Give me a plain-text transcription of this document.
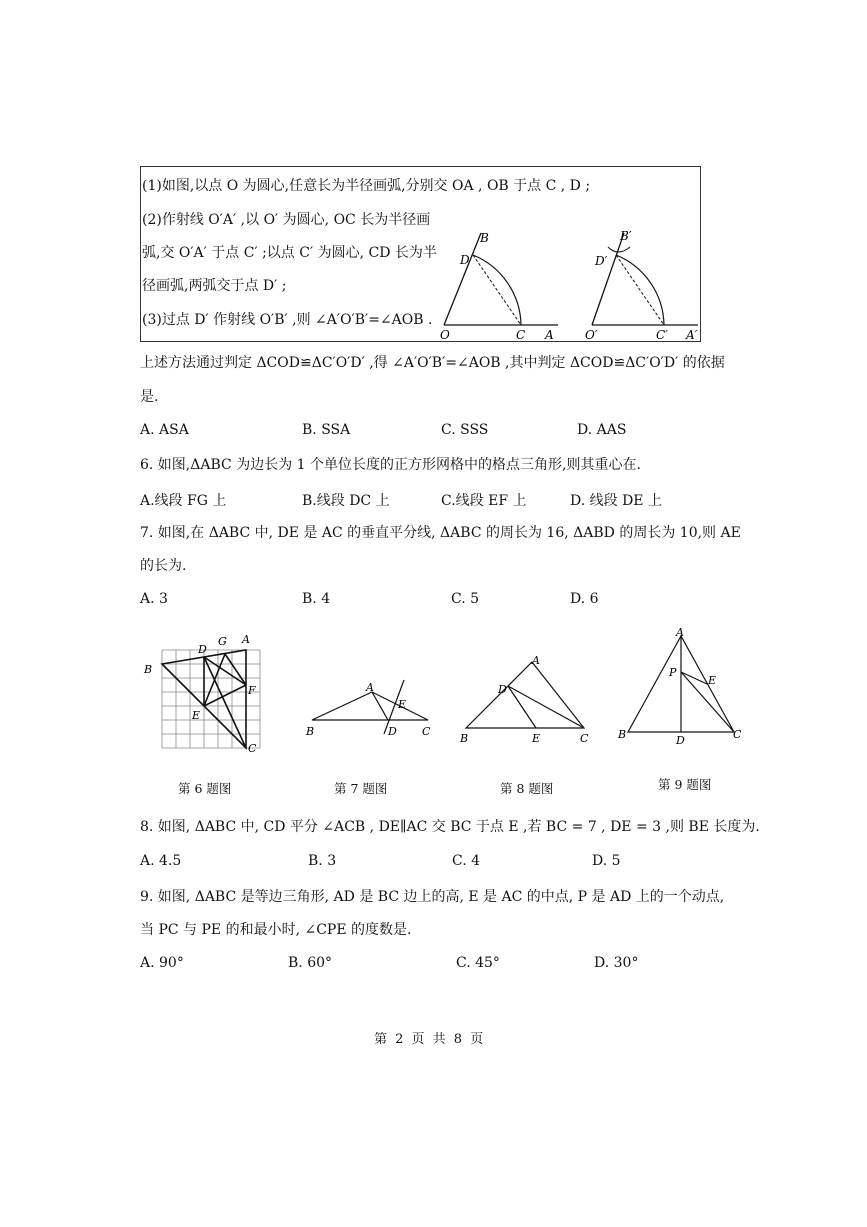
(1)如图,以点 O 为圆心,任意长为半径画弧,分别交 OA , OB 于点 C , D ;
(2)作射线 O′A′ ,以 O′ 为圆心, OC 长为半径画
弧,交 O′A′ 于点 C′ ;以点 C′ 为圆心, CD 长为半
径画弧,两弧交于点 D′ ;
(3)过点 D′ 作射线 O′B′ ,则 ∠A′O′B′=∠AOB .
B
D
O	C A
B′
D′
O′	C′ A′
上述方法通过判定 ΔCOD≌ΔC′O′D′ ,得 ∠A′O′B′=∠AOB ,其中判定 ΔCOD≌ΔC′O′D′ 的依据
是.
A. ASA	B. SSA	C. SSS	D. AAS
6. 如图,ΔABC 为边长为 1 个单位长度的正方形网格中的格点三角形,则其重心在.
A.线段 FG 上	B.线段 DC 上	C.线段 EF 上	D. 线段 DE 上
7. 如图,在 ΔABC 中, DE 是 AC 的垂直平分线, ΔABC 的周长为 16, ΔABD 的周长为 10,则 AE
的长为.
A. 3	B. 4	C. 5	D. 6
A
G
D
B
F
E
C
A
E
B	D C
A
D
B	E	C
A
P
E
B	D	C
第 6 题图	第 7 题图	第 8 题图	第 9 题图
8. 如图, ΔABC 中, CD 平分 ∠ACB , DE∥AC 交 BC 于点 E ,若 BC = 7 , DE = 3 ,则 BE 长度为.
A. 4.5	B. 3	C. 4	D. 5
9. 如图, ΔABC 是等边三角形, AD 是 BC 边上的高, E 是 AC 的中点, P 是 AD 上的一个动点,
当 PC 与 PE 的和最小时, ∠CPE 的度数是.
A. 90°	B. 60°	C. 45°	D. 30°
第 2 页 共 8 页
